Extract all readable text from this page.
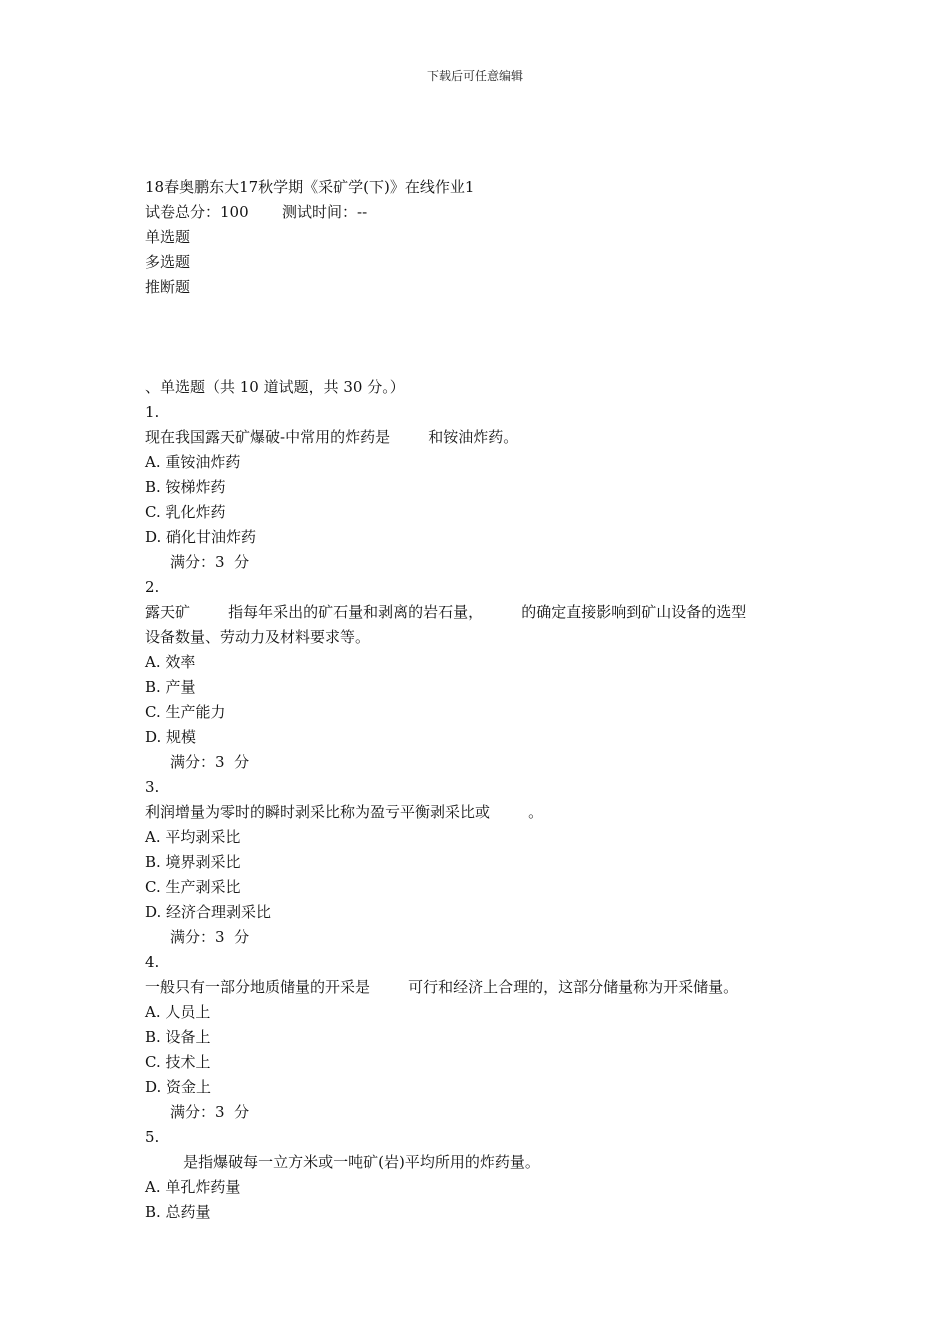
下载后可任意编辑
18春奥鹏东大17秋学期《采矿学(下)》在线作业1
试卷总分：100       测试时间：--
单选题
多选题
推断题
、单选题（共 10 道试题，共 30 分。）
1.
现在我国露天矿爆破-中常用的炸药是        和铵油炸药。
A. 重铵油炸药
B. 铵梯炸药
C. 乳化炸药
D. 硝化甘油炸药
满分：3  分
2.
露天矿        指每年采出的矿石量和剥离的岩石量，        的确定直接影响到矿山设备的选型
设备数量、劳动力及材料要求等。
A. 效率
B. 产量
C. 生产能力
D. 规模
满分：3  分
3.
利润增量为零时的瞬时剥采比称为盈亏平衡剥采比或        。
A. 平均剥采比
B. 境界剥采比
C. 生产剥采比
D. 经济合理剥采比
满分：3  分
4.
一般只有一部分地质储量的开采是        可行和经济上合理的，这部分储量称为开采储量。
A. 人员上
B. 设备上
C. 技术上
D. 资金上
满分：3  分
5.
是指爆破每一立方米或一吨矿(岩)平均所用的炸药量。
A. 单孔炸药量
B. 总药量
